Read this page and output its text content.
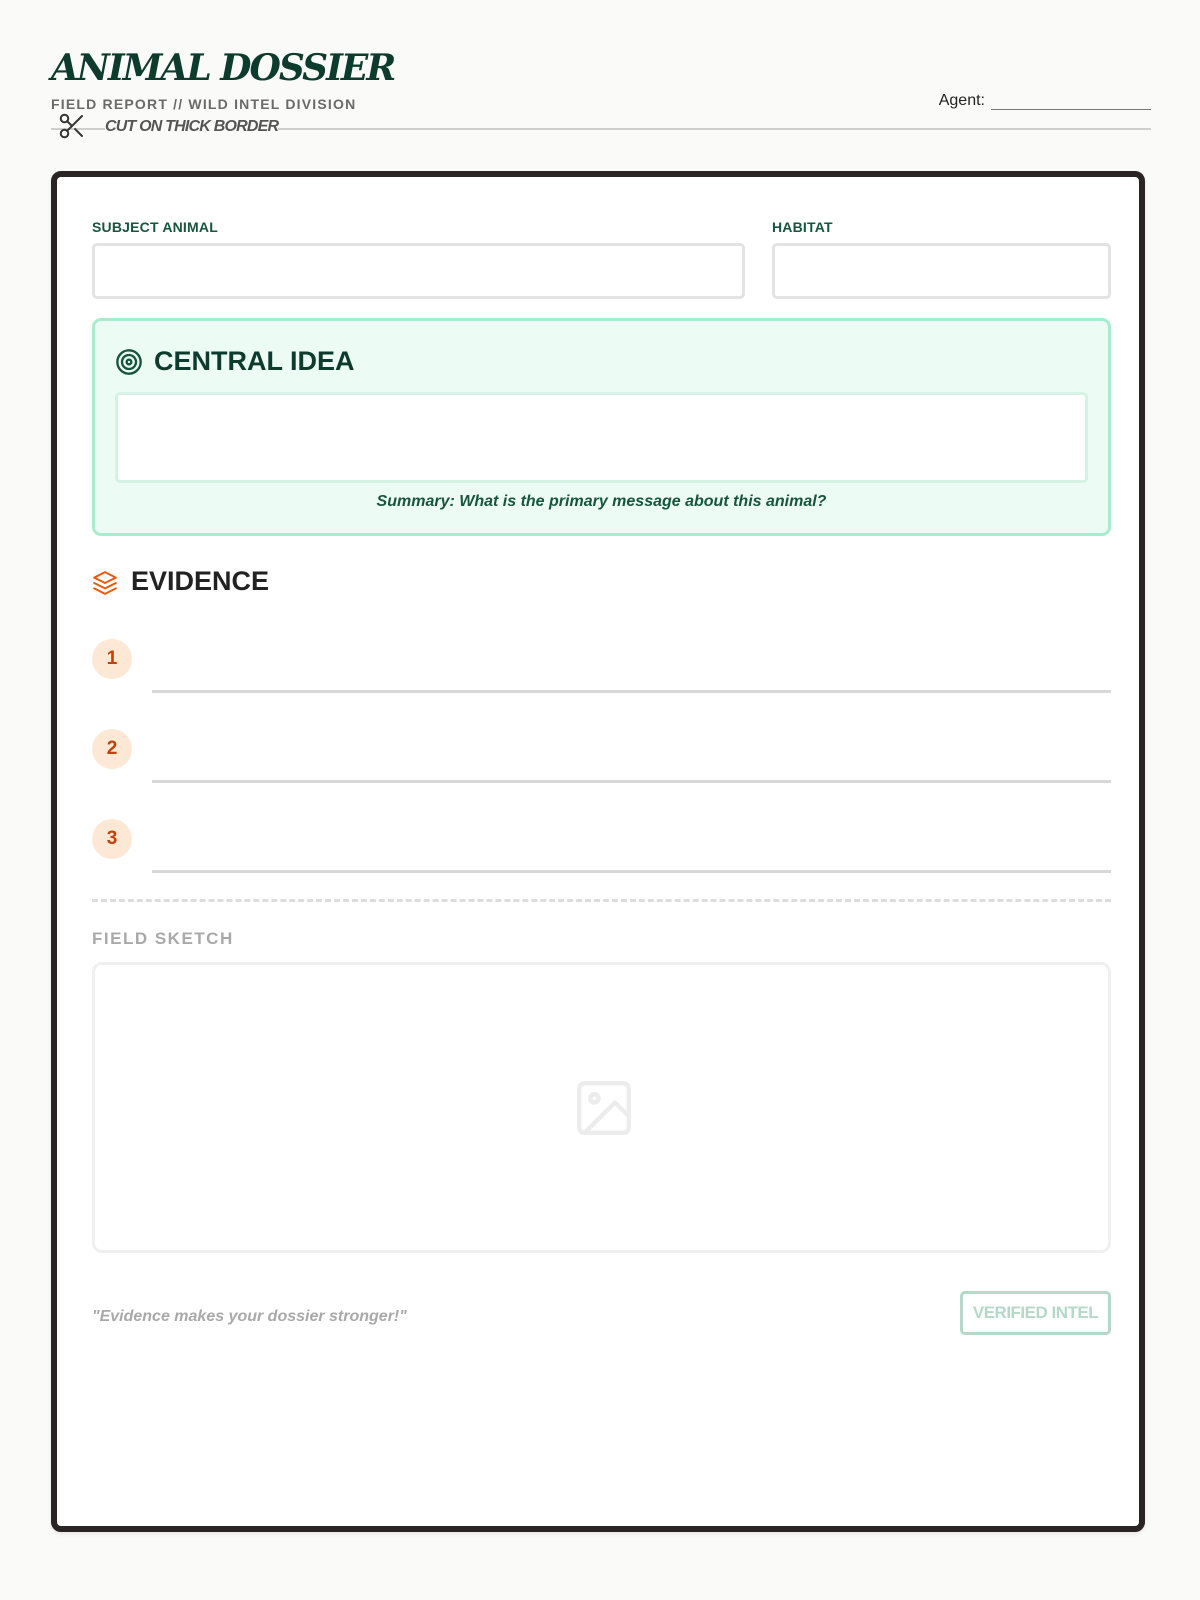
ANIMAL DOSSIER
FIELD REPORT // WILD INTEL DIVISION	Agent:
CUT ON THICK BORDER
SUBJECT ANIMAL	HABITAT
CENTRAL IDEA
Summary: What is the primary message about this animal?
EVIDENCE
1
2
3
FIELD SKETCH
"Evidence makes your dossier stronger!"	VERIFIED INTEL
